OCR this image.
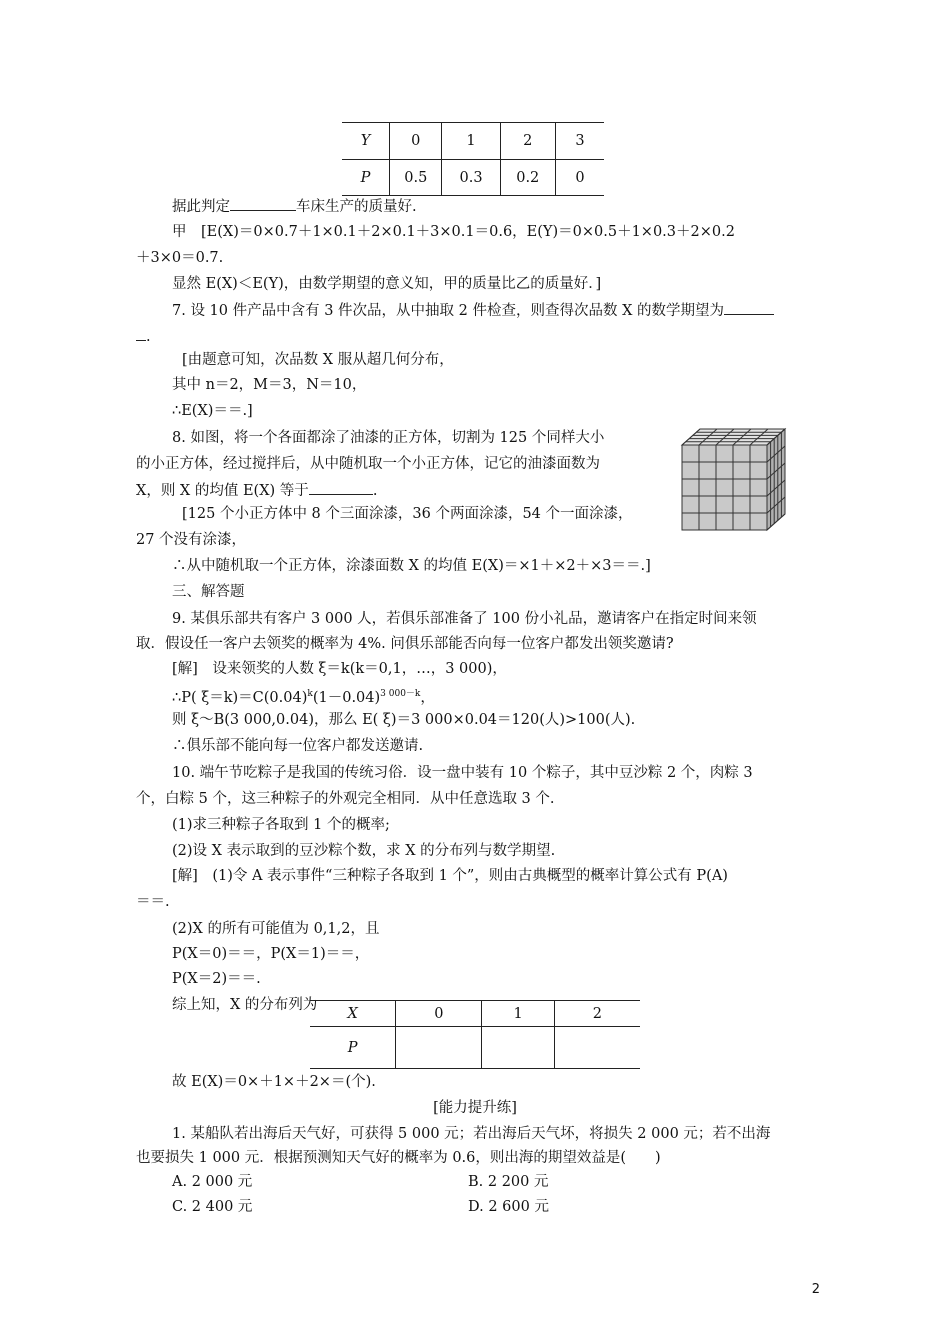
Y	0	1	2	3
P	0.5	0.3	0.2	0
据此判定	车床生产的质量好.
甲　[E(X)＝0×0.7＋1×0.1＋2×0.1＋3×0.1＝0.6，E(Y)＝0×0.5＋1×0.3＋2×0.2
＋3×0＝0.7.
显然 E(X)＜E(Y)，由数学期望的意义知，甲的质量比乙的质量好．]
7. 设 10 件产品中含有 3 件次品，从中抽取 2 件检查，则查得次品数 X 的数学期望为
.
[由题意可知，次品数 X 服从超几何分布，
其中 n＝2，M＝3，N＝10，
∴E(X)＝＝.]
8. 如图，将一个各面都涂了油漆的正方体，切割为 125 个同样大小
的小正方体，经过搅拌后，从中随机取一个小正方体，记它的油漆面数为
X，则 X 的均值 E(X) 等于	.
[125 个小正方体中 8 个三面涂漆，36 个两面涂漆，54 个一面涂漆，
27 个没有涂漆，
∴从中随机取一个正方体，涂漆面数 X 的均值 E(X)＝×1＋×2＋×3＝＝.]
三、解答题
9. 某俱乐部共有客户 3 000 人，若俱乐部准备了 100 份小礼品，邀请客户在指定时间来领
取．假设任一客户去领奖的概率为 4%. 问俱乐部能否向每一位客户都发出领奖邀请?
[解]　设来领奖的人数 ξ＝k(k＝0,1，…，3 000)，
∴P( $\xi=k)=C(0.04)^k(1-0.04)^{3 000-k}$，
则 ξ～B(3 000,0.04)，那么 E( ξ)＝3 000×0.04＝120(人)>100(人).
∴俱乐部不能向每一位客户都发送邀请.
10. 端午节吃粽子是我国的传统习俗．设一盘中装有 10 个粽子，其中豆沙粽 2 个，肉粽 3
个，白粽 5 个，这三种粽子的外观完全相同．从中任意选取 3 个.
(1)求三种粽子各取到 1 个的概率;
(2)设 X 表示取到的豆沙粽个数，求 X 的分布列与数学期望.
[解]　(1)令 A 表示事件“三种粽子各取到 1 个”，则由古典概型的概率计算公式有 P(A)
＝＝.
(2)X 的所有可能值为 0,1,2，且
P(X＝0)＝＝，P(X＝1)＝＝，
P(X＝2)＝＝.
综上知，X 的分布列为
X	0	1	2
P			
故 E(X)＝0×＋1×＋2×＝(个).
[能力提升练]
1. 某船队若出海后天气好，可获得 5 000 元；若出海后天气坏，将损失 2 000 元；若不出海
也要损失 1 000 元．根据预测知天气好的概率为 0.6，则出海的期望效益是(　　)
A. 2 000 元	B. 2 200 元
C. 2 400 元	D. 2 600 元
2
